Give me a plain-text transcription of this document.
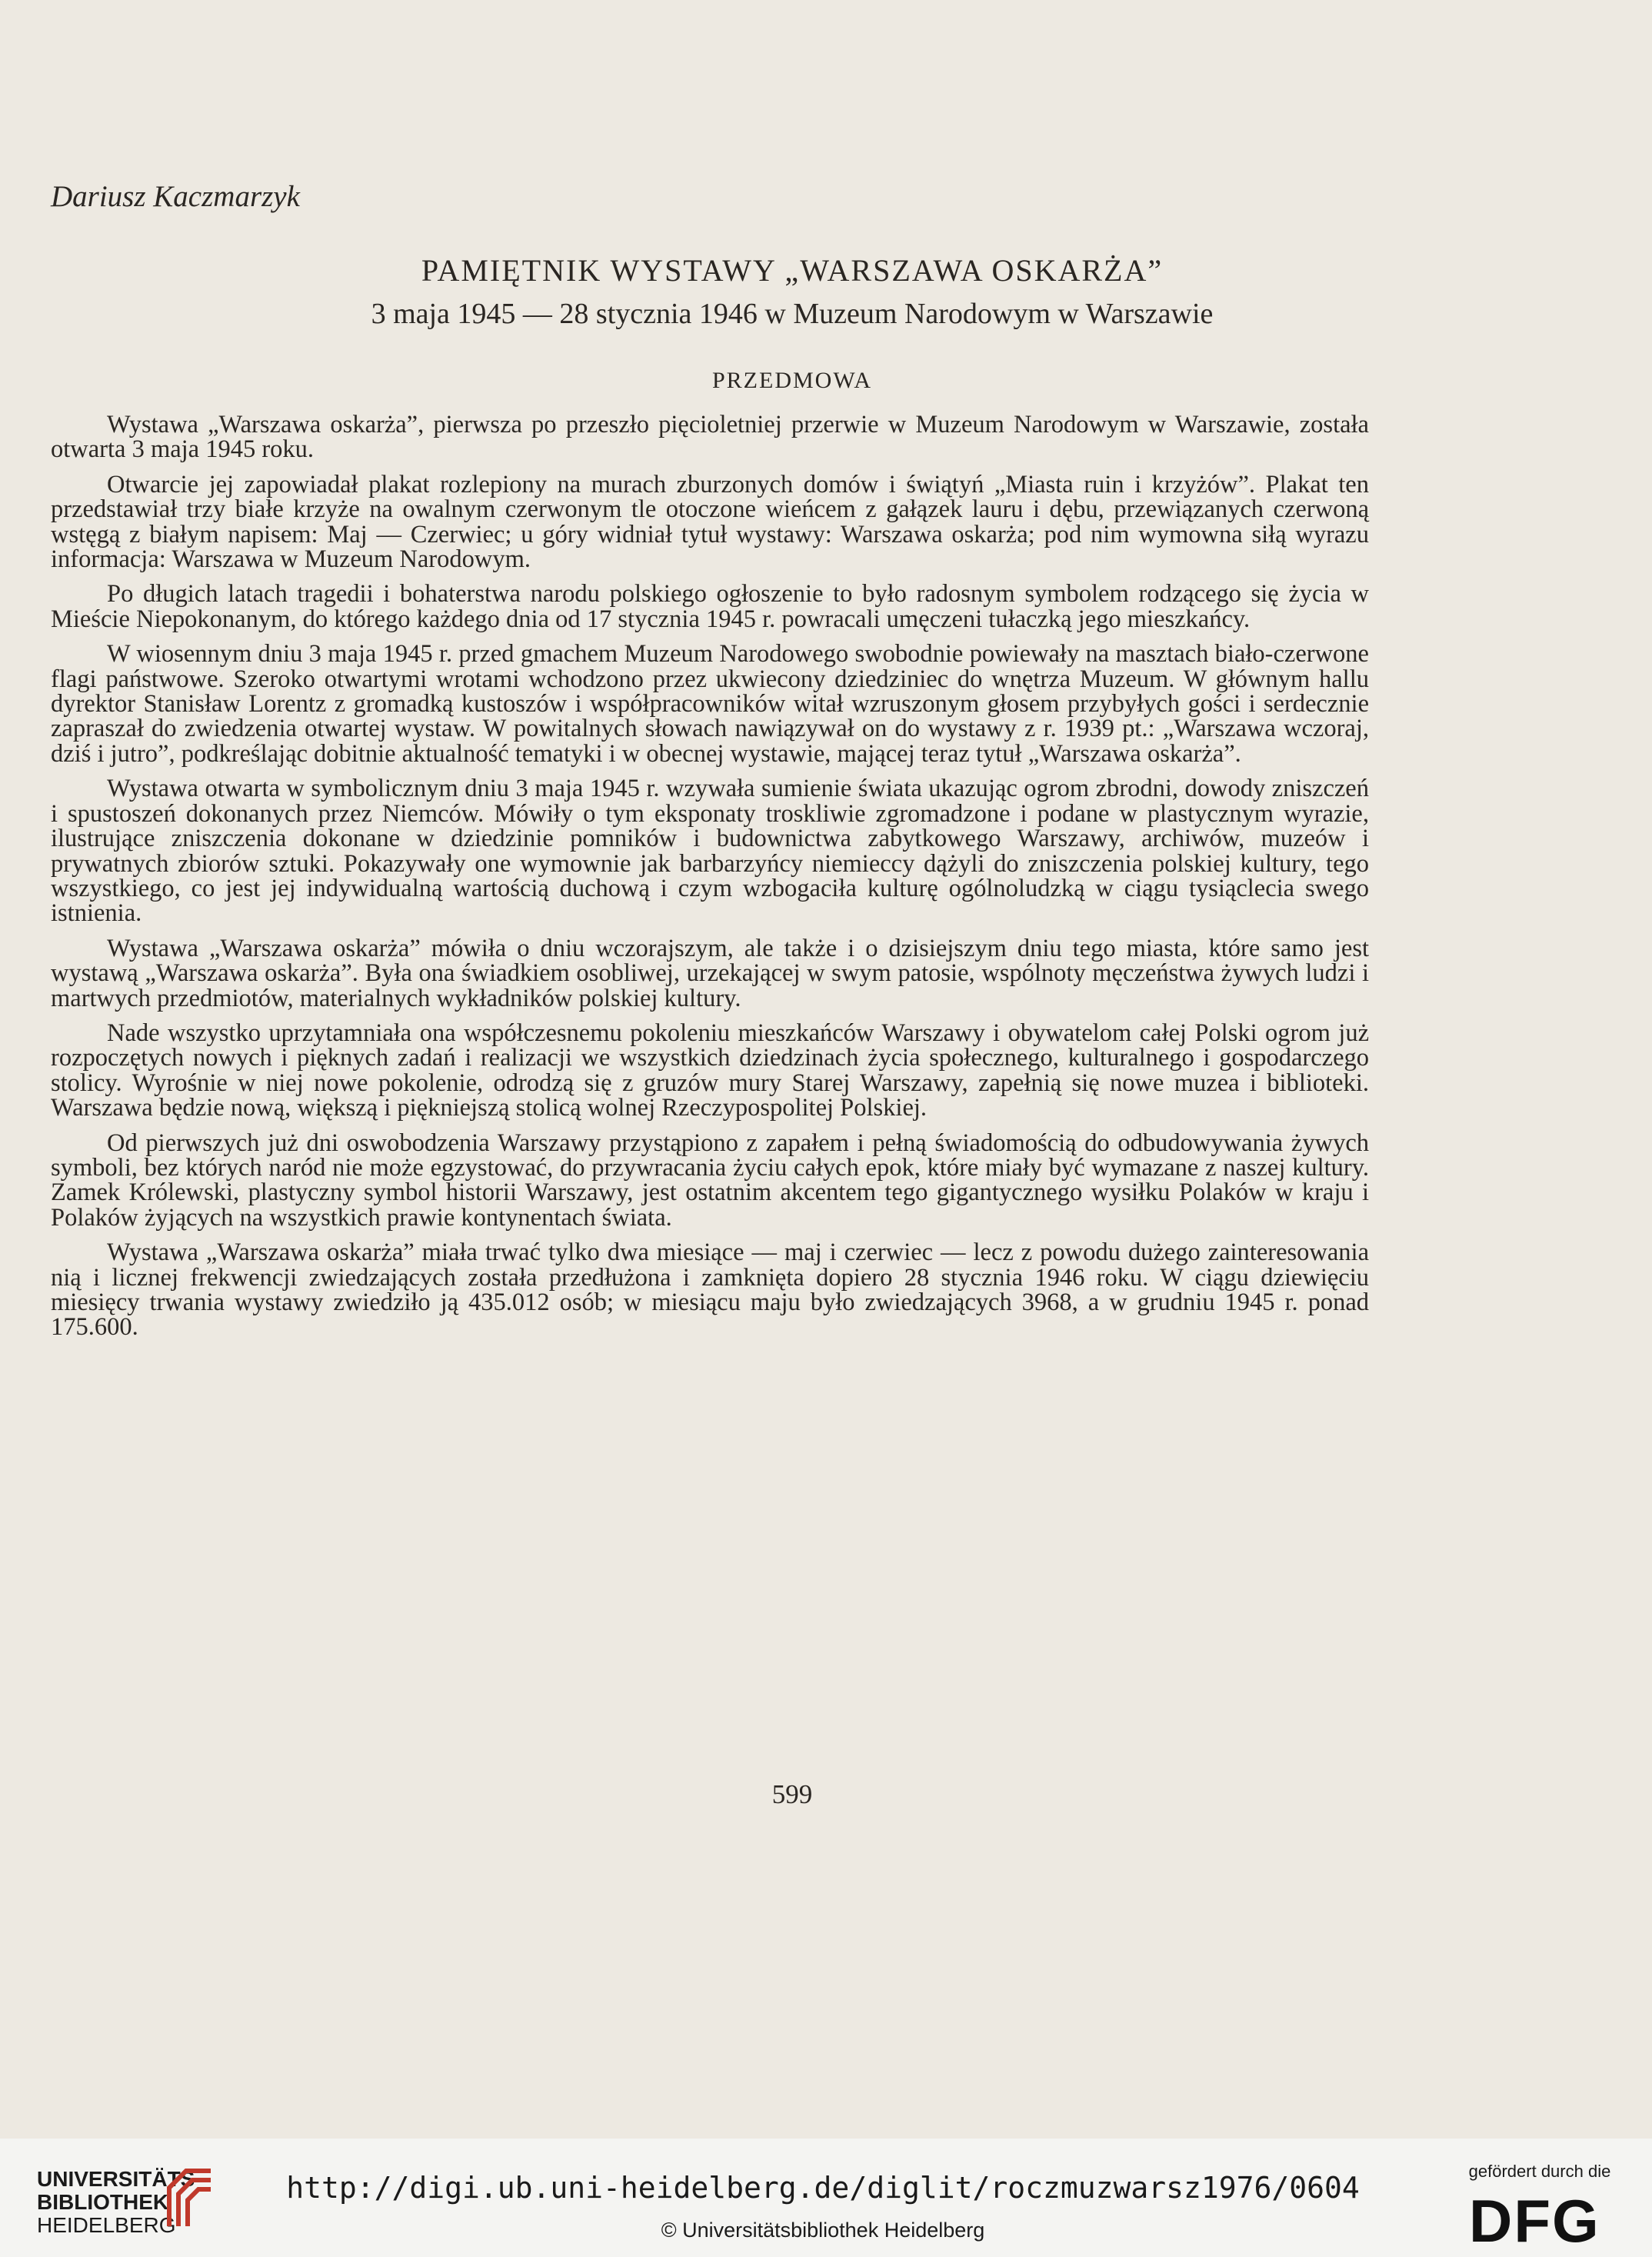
Dariusz Kaczmarzyk
PAMIĘTNIK WYSTAWY „WARSZAWA OSKARŻA”
3 maja 1945 — 28 stycznia 1946 w Muzeum Narodowym w Warszawie
PRZEDMOWA

Wystawa „Warszawa oskarża”, pierwsza po przeszło pięcioletniej przerwie w Muzeum Narodowym w Warszawie, została otwarta 3 maja 1945 roku.

Otwarcie jej zapowiadał plakat rozlepiony na murach zburzonych domów i świątyń „Miasta ruin i krzyżów”. Plakat ten przedstawiał trzy białe krzyże na owalnym czerwonym tle otoczone wieńcem z gałązek lauru i dębu, przewiązanych czerwoną wstęgą z białym napisem: Maj — Czerwiec; u góry widniał tytuł wystawy: Warszawa oskarża; pod nim wymowna siłą wyrazu informacja: Warszawa w Muzeum Narodowym.

Po długich latach tragedii i bohaterstwa narodu polskiego ogłoszenie to było radosnym symbolem rodzącego się życia w Mieście Niepokonanym, do którego każdego dnia od 17 stycznia 1945 r. powracali umęczeni tułaczką jego mieszkańcy.

W wiosennym dniu 3 maja 1945 r. przed gmachem Muzeum Narodowego swobodnie powiewały na masztach biało-czerwone flagi państwowe. Szeroko otwartymi wrotami wchodzono przez ukwiecony dziedziniec do wnętrza Muzeum. W głównym hallu dyrektor Stanisław Lorentz z gromadką kustoszów i współpracowników witał wzruszonym głosem przybyłych gości i serdecznie zapraszał do zwiedzenia otwartej wystaw. W powitalnych słowach nawiązywał on do wystawy z r. 1939 pt.: „Warszawa wczoraj, dziś i jutro”, podkreślając dobitnie aktualność tematyki i w obecnej wystawie, mającej teraz tytuł „Warszawa oskarża”.

Wystawa otwarta w symbolicznym dniu 3 maja 1945 r. wzywała sumienie świata ukazując ogrom zbrodni, dowody zniszczeń i spustoszeń dokonanych przez Niemców. Mówiły o tym eksponaty troskliwie zgromadzone i podane w plastycznym wyrazie, ilustrujące zniszczenia dokonane w dziedzinie pomników i budownictwa zabytkowego Warszawy, archiwów, muzeów i prywatnych zbiorów sztuki. Pokazywały one wymownie jak barbarzyńcy niemieccy dążyli do zniszczenia polskiej kultury, tego wszystkiego, co jest jej indywidualną wartością duchową i czym wzbogaciła kulturę ogólnoludzką w ciągu tysiąclecia swego istnienia.

Wystawa „Warszawa oskarża” mówiła o dniu wczorajszym, ale także i o dzisiejszym dniu tego miasta, które samo jest wystawą „Warszawa oskarża”. Była ona świadkiem osobliwej, urzekającej w swym patosie, wspólnoty męczeństwa żywych ludzi i martwych przedmiotów, materialnych wykładników polskiej kultury.

Nade wszystko uprzytamniała ona współczesnemu pokoleniu mieszkańców Warszawy i obywatelom całej Polski ogrom już rozpoczętych nowych i pięknych zadań i realizacji we wszystkich dziedzinach życia społecznego, kulturalnego i gospodarczego stolicy. Wyrośnie w niej nowe pokolenie, odrodzą się z gruzów mury Starej Warszawy, zapełnią się nowe muzea i biblioteki. Warszawa będzie nową, większą i piękniejszą stolicą wolnej Rzeczypospolitej Polskiej.

Od pierwszych już dni oswobodzenia Warszawy przystąpiono z zapałem i pełną świadomością do odbudowywania żywych symboli, bez których naród nie może egzystować, do przywracania życiu całych epok, które miały być wymazane z naszej kultury. Zamek Królewski, plastyczny symbol historii Warszawy, jest ostatnim akcentem tego gigantycznego wysiłku Polaków w kraju i Polaków żyjących na wszystkich prawie kontynentach świata.

Wystawa „Warszawa oskarża” miała trwać tylko dwa miesiące — maj i czerwiec — lecz z powodu dużego zainteresowania nią i licznej frekwencji zwiedzających została przedłużona i zamknięta dopiero 28 stycznia 1946 roku. W ciągu dziewięciu miesięcy trwania wystawy zwiedziło ją 435.012 osób; w miesiącu maju było zwiedzających 3968, a w grudniu 1945 r. ponad 175.600.

599
UNIVERSITÄTS-
BIBLIOTHEK
HEIDELBERG
http://digi.ub.uni-heidelberg.de/diglit/roczmuzwarsz1976/0604
© Universitätsbibliothek Heidelberg
gefördert durch die
DFG
